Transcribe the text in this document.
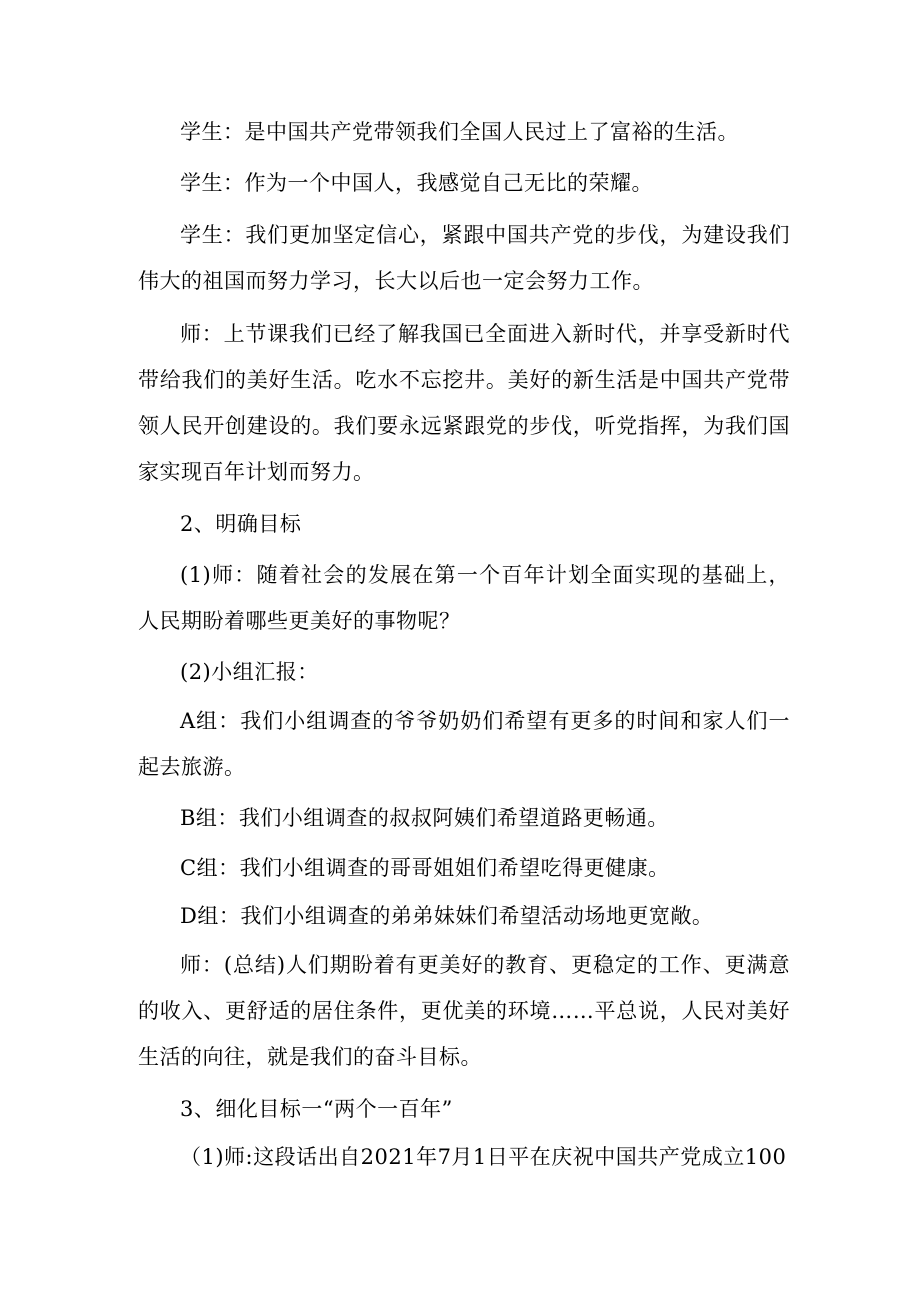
学生：是中国共产党带领我们全国人民过上了富裕的生活。

学生：作为一个中国人，我感觉自己无比的荣耀。

学生：我们更加坚定信心，紧跟中国共产党的步伐，为建设我们伟大的祖国而努力学习，长大以后也一定会努力工作。

师：上节课我们已经了解我国已全面进入新时代，并享受新时代带给我们的美好生活。吃水不忘挖井。美好的新生活是中国共产党带领人民开创建设的。我们要永远紧跟党的步伐，听党指挥，为我们国家实现百年计划而努力。

2、明确目标

(1)师：随着社会的发展在第一个百年计划全面实现的基础上，人民期盼着哪些更美好的事物呢？

(2)小组汇报：

A组：我们小组调查的爷爷奶奶们希望有更多的时间和家人们一起去旅游。

B组：我们小组调查的叔叔阿姨们希望道路更畅通。

C组：我们小组调查的哥哥姐姐们希望吃得更健康。

D组：我们小组调查的弟弟妹妹们希望活动场地更宽敞。

师：(总结)人们期盼着有更美好的教育、更稳定的工作、更满意的收入、更舒适的居住条件，更优美的环境……平总说，人民对美好生活的向往，就是我们的奋斗目标。

3、细化目标一“两个一百年”

（1)师:这段话出自2021年7月1日平在庆祝中国共产党成立100
